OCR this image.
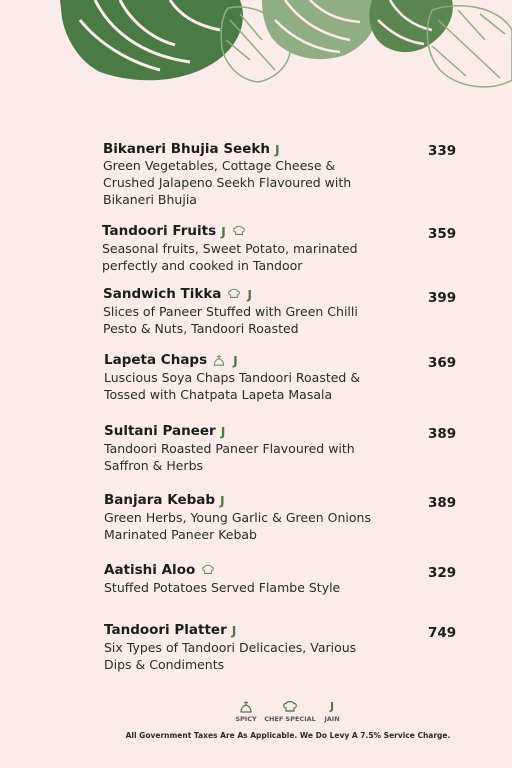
Bikaneri Bhujia Seekh J
Green Vegetables, Cottage Cheese & Crushed Jalapeno Seekh Flavoured with Bikaneri Bhujia
339
Tandoori Fruits J
Seasonal fruits, Sweet Potato, marinated perfectly and cooked in Tandoor
359
Sandwich Tikka J
Slices of Paneer Stuffed with Green Chilli Pesto & Nuts, Tandoori Roasted
399
Lapeta Chaps J
Luscious Soya Chaps Tandoori Roasted & Tossed with Chatpata Lapeta Masala
369
Sultani Paneer J
Tandoori Roasted Paneer Flavoured with Saffron & Herbs
389
Banjara Kebab J
Green Herbs, Young Garlic & Green Onions Marinated Paneer Kebab
389
Aatishi Aloo
Stuffed Potatoes Served Flambe Style
329
Tandoori Platter J
Six Types of Tandoori Delicacies, Various Dips & Condiments
749
SPICY	CHEF SPECIAL
J
JAIN
All Government Taxes Are As Applicable. We Do Levy A 7.5% Service Charge.
